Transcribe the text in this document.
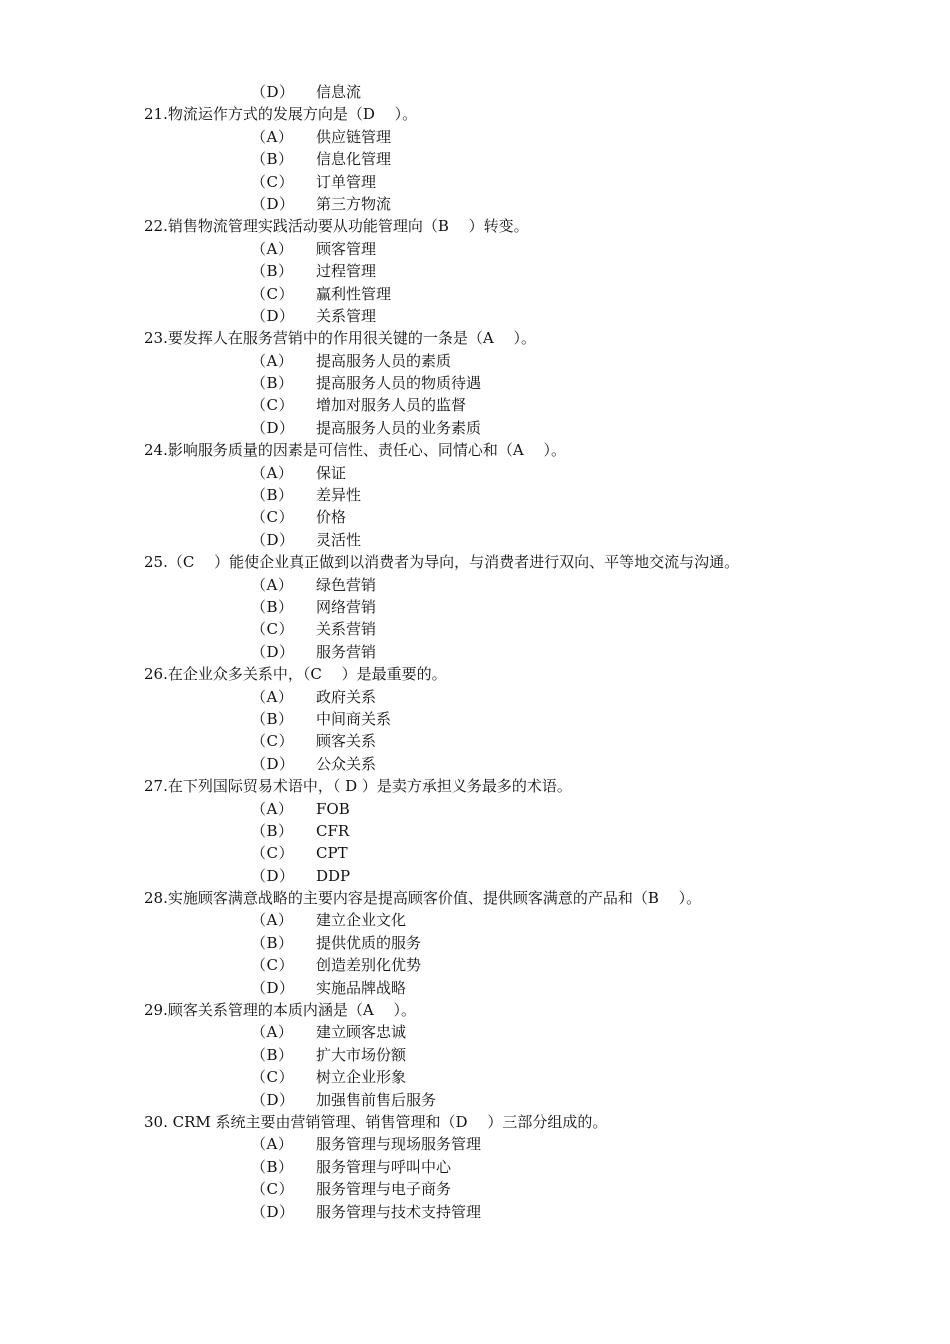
（D）

信息流

21.物流运作方式的发展方向是（D　 ）。

（A）

供应链管理

（B）

信息化管理

（C）

订单管理

（D）

第三方物流

22.销售物流管理实践活动要从功能管理向（B　 ）转变。

（A）

顾客管理

（B）

过程管理

（C）

赢利性管理

（D）

关系管理

23.要发挥人在服务营销中的作用很关键的一条是（A　 ）。

（A）

提高服务人员的素质

（B）

提高服务人员的物质待遇

（C）

增加对服务人员的监督

（D）

提高服务人员的业务素质

24.影响服务质量的因素是可信性、责任心、同情心和（A　 ）。

（A）

保证

（B）

差异性

（C）

价格

（D）

灵活性

25.（C　 ）能使企业真正做到以消费者为导向，与消费者进行双向、平等地交流与沟通。

（A）

绿色营销

（B）

网络营销

（C）

关系营销

（D）

服务营销

26.在企业众多关系中，（C　 ）是最重要的。

（A）

政府关系

（B）

中间商关系

（C）

顾客关系

（D）

公众关系

27.在下列国际贸易术语中，（ D ）是卖方承担义务最多的术语。

（A）

FOB

（B）

CFR

（C）

CPT

（D）

DDP

28.实施顾客满意战略的主要内容是提高顾客价值、提供顾客满意的产品和（B　 ）。

（A）

建立企业文化

（B）

提供优质的服务

（C）

创造差别化优势

（D）

实施品牌战略

29.顾客关系管理的本质内涵是（A　 ）。

（A）

建立顾客忠诚

（B）

扩大市场份额

（C）

树立企业形象

（D）

加强售前售后服务

30. CRM 系统主要由营销管理、销售管理和（D　 ）三部分组成的。

（A）

服务管理与现场服务管理

（B）

服务管理与呼叫中心

（C）

服务管理与电子商务

（D）

服务管理与技术支持管理
